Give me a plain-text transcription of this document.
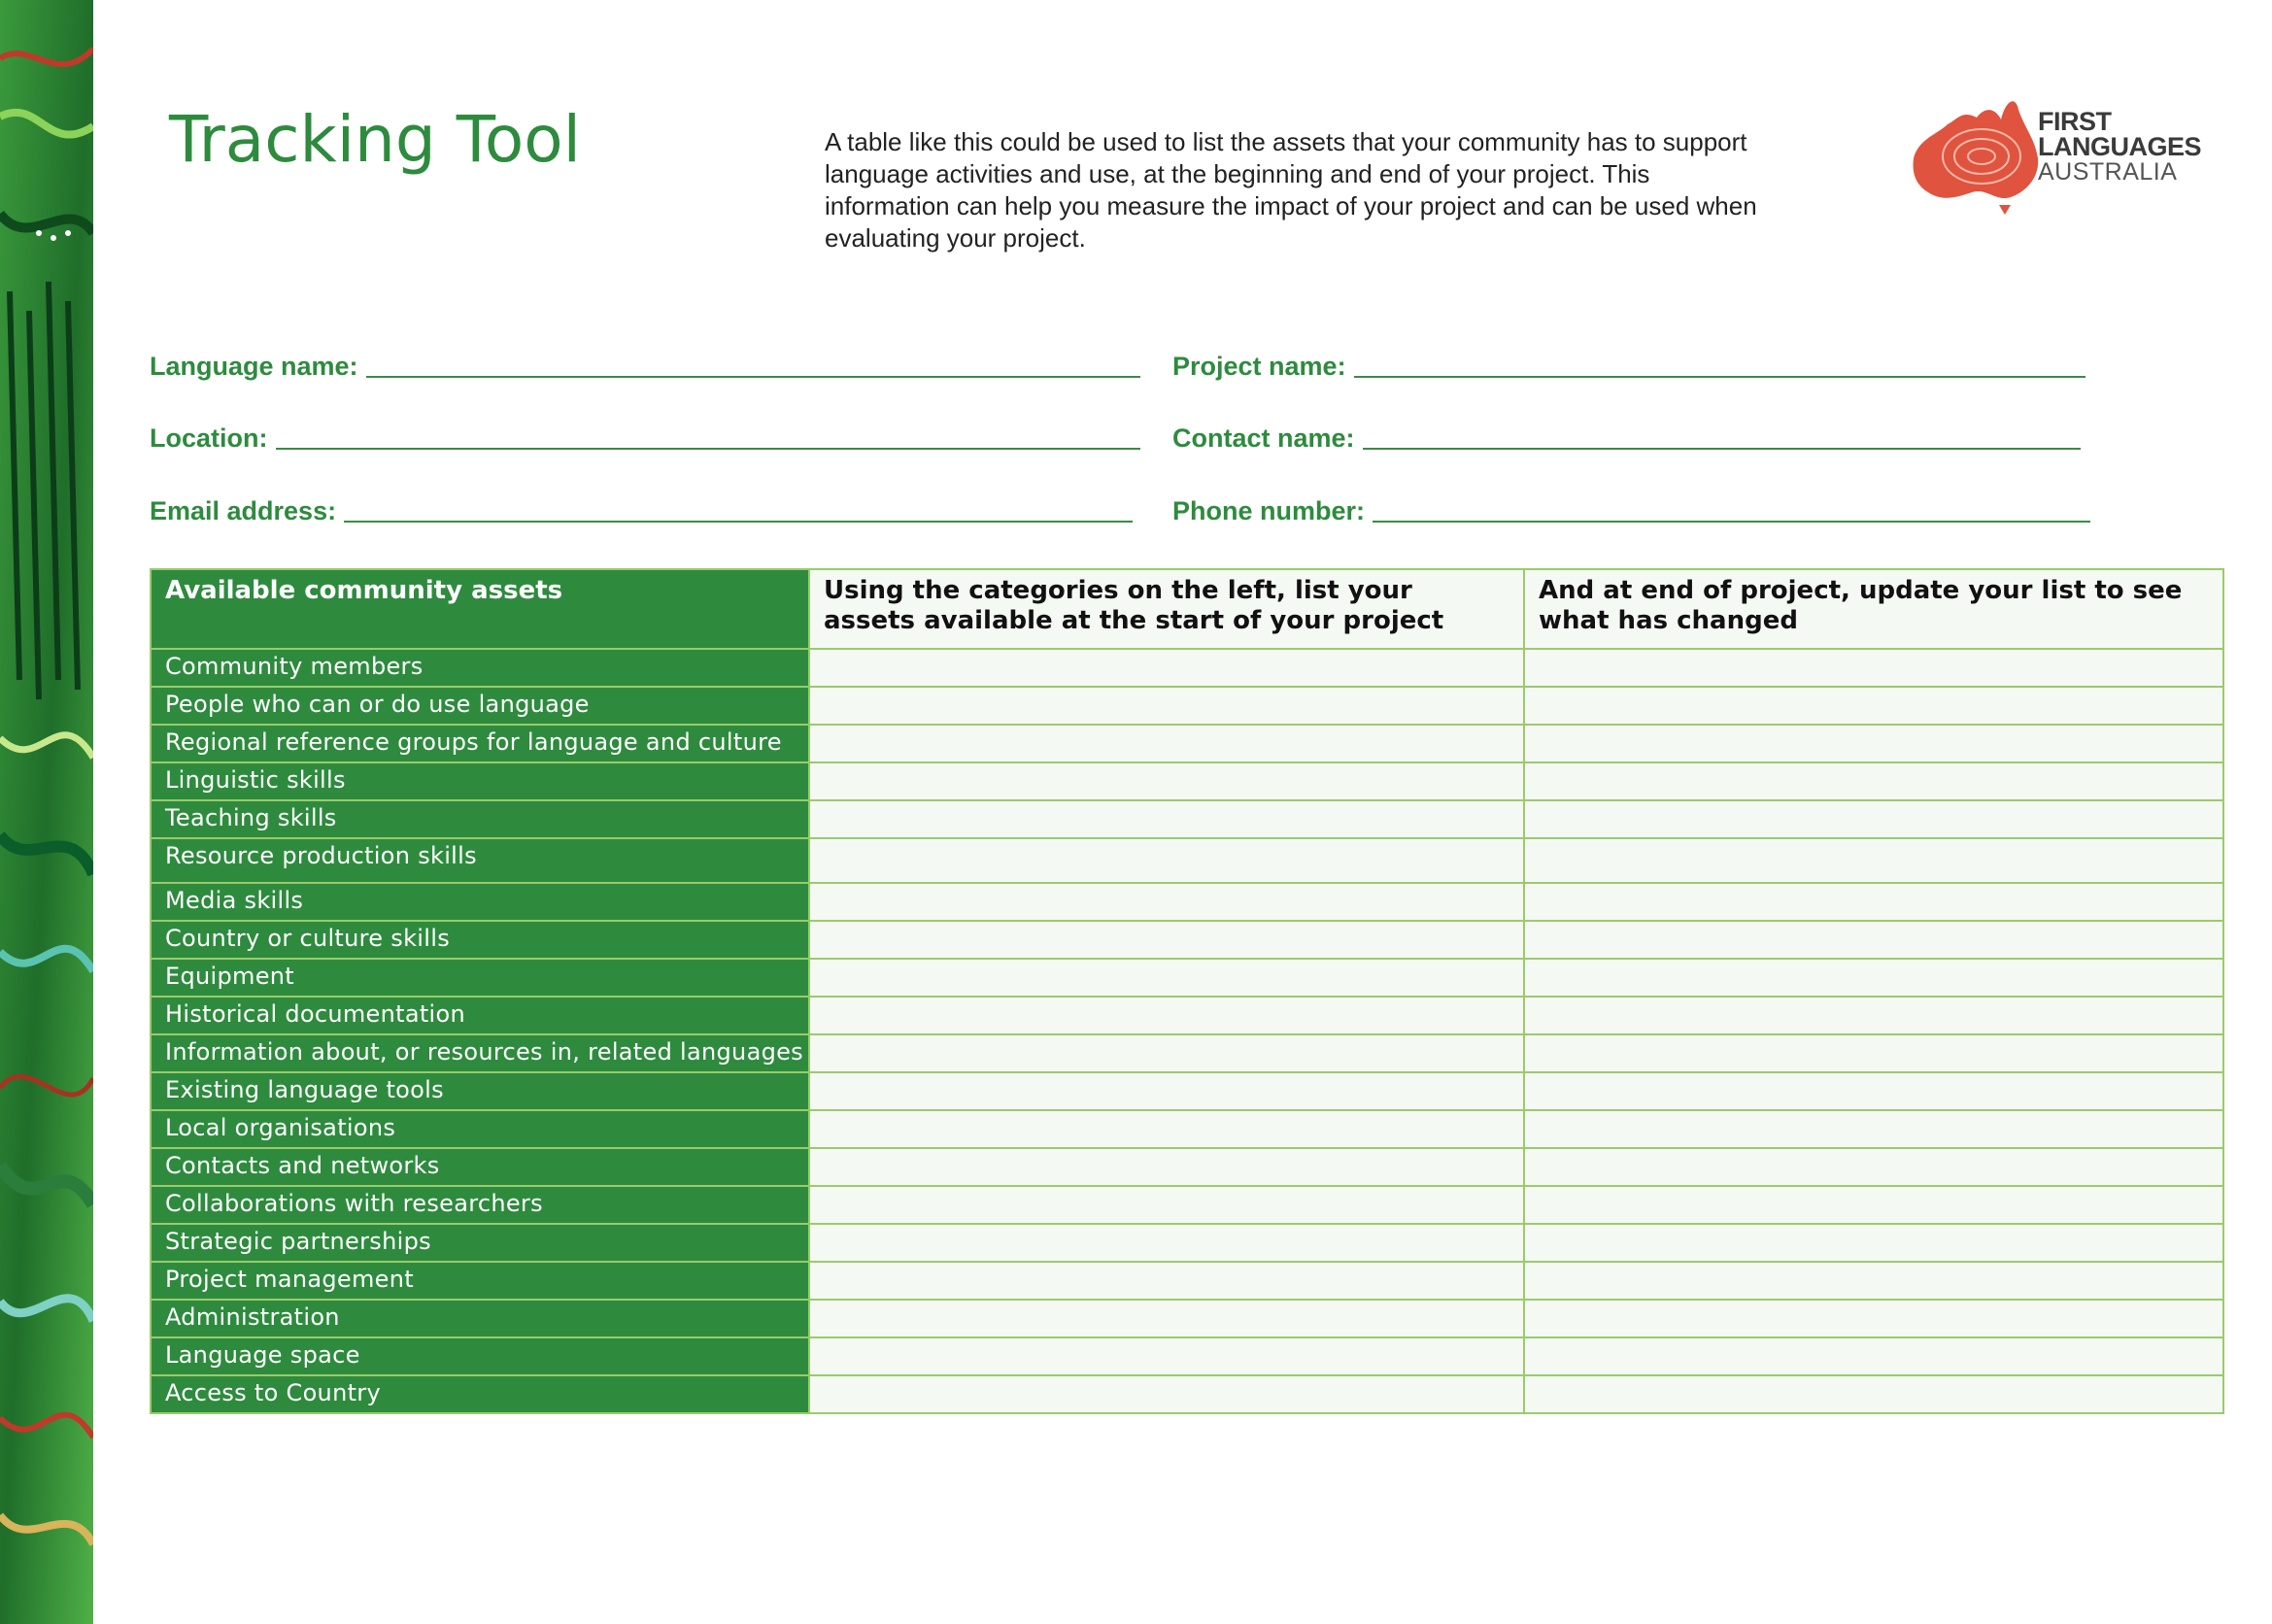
Tracking Tool	A table like this could be used to list the assets that your community has to support language activities and use, at the beginning and end of your project. This information can help you measure the impact of your project and can be used when evaluating your project.
FIRST
LANGUAGES
AUSTRALIA
Language name:	Project name:
Location:	Contact name:
Email address:	Phone number:
Available community assets	Using the categories on the left, list your assets available at the start of your project	And at end of project, update your list to see what has changed
Community members		
People who can or do use language		
Regional reference groups for language and culture		
Linguistic skills		
Teaching skills		
Resource production skills		
Media skills		
Country or culture skills		
Equipment		
Historical documentation		
Information about, or resources in, related languages		
Existing language tools		
Local organisations		
Contacts and networks		
Collaborations with researchers		
Strategic partnerships		
Project management		
Administration		
Language space		
Access to Country		
